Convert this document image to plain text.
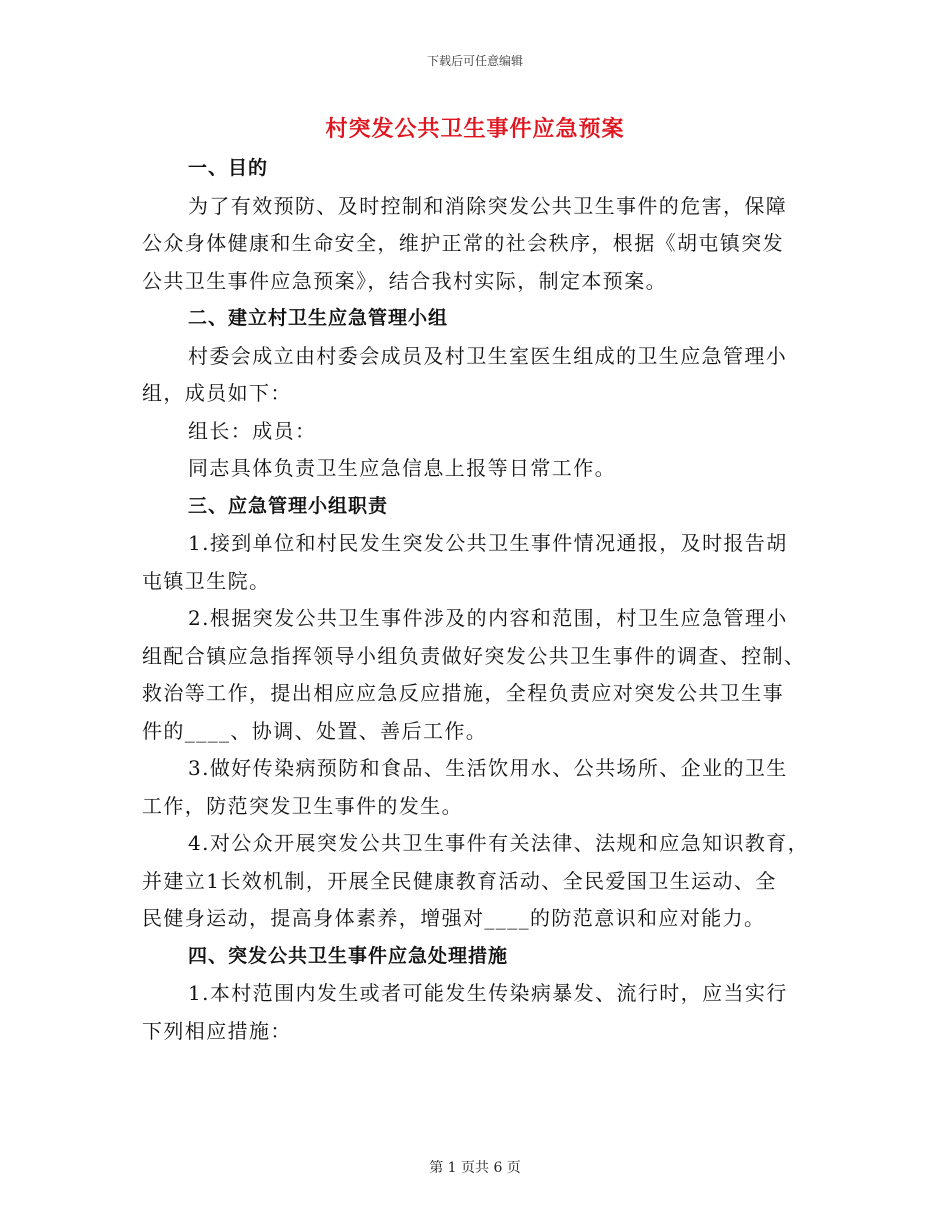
下载后可任意编辑
村突发公共卫生事件应急预案
一、目的
为了有效预防、及时控制和消除突发公共卫生事件的危害，保障
公众身体健康和生命安全，维护正常的社会秩序，根据《胡屯镇突发
公共卫生事件应急预案》，结合我村实际，制定本预案。
二、建立村卫生应急管理小组
村委会成立由村委会成员及村卫生室医生组成的卫生应急管理小
组，成员如下：
组长：成员：
同志具体负责卫生应急信息上报等日常工作。
三、应急管理小组职责
1.接到单位和村民发生突发公共卫生事件情况通报，及时报告胡
屯镇卫生院。
2.根据突发公共卫生事件涉及的内容和范围，村卫生应急管理小
组配合镇应急指挥领导小组负责做好突发公共卫生事件的调查、控制、
救治等工作，提出相应应急反应措施，全程负责应对突发公共卫生事
件的____、协调、处置、善后工作。
3.做好传染病预防和食品、生活饮用水、公共场所、企业的卫生
工作，防范突发卫生事件的发生。
4.对公众开展突发公共卫生事件有关法律、法规和应急知识教育，
并建立1长效机制，开展全民健康教育活动、全民爱国卫生运动、全
民健身运动，提高身体素养，增强对____的防范意识和应对能力。
四、突发公共卫生事件应急处理措施
1.本村范围内发生或者可能发生传染病暴发、流行时，应当实行
下列相应措施：
第 1 页共 6 页
